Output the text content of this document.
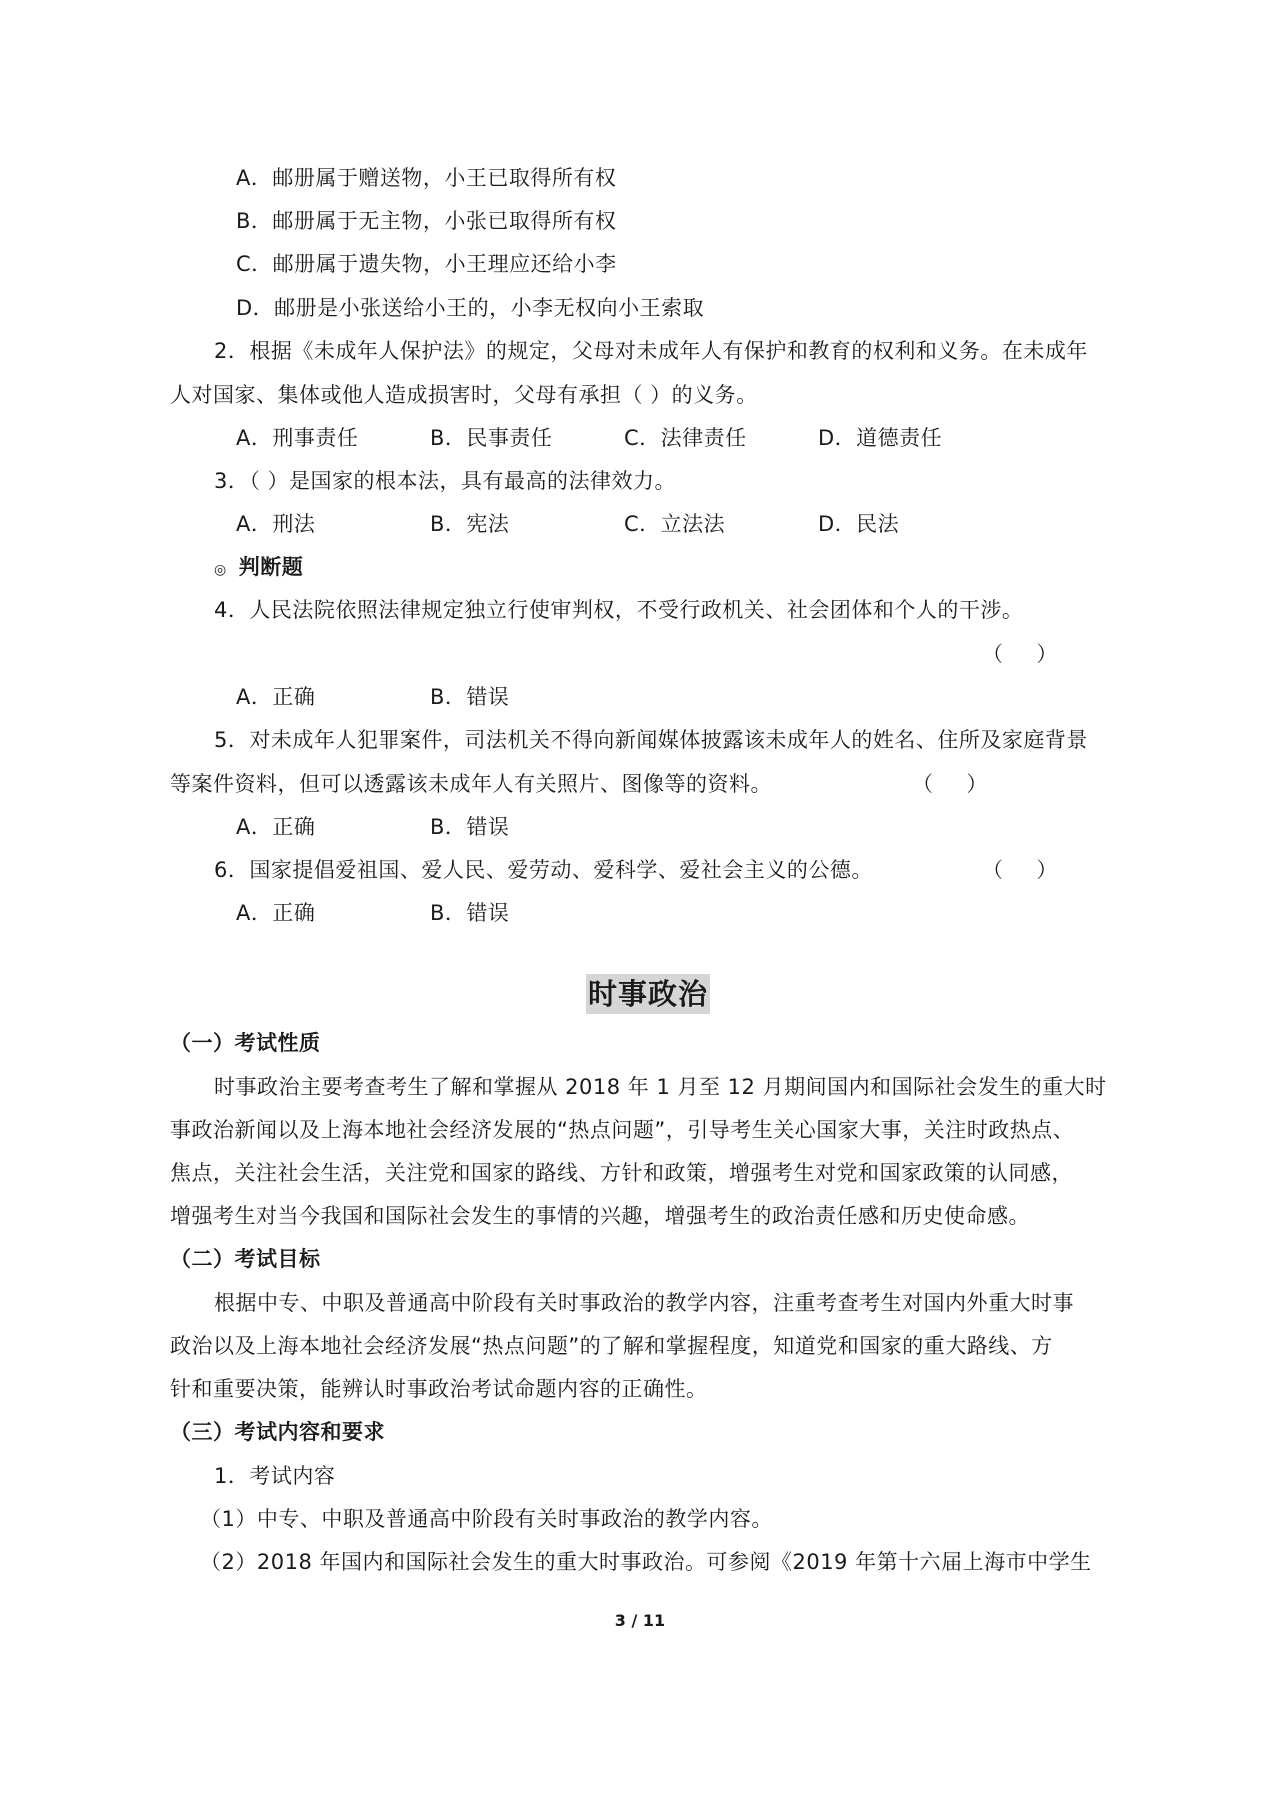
A．邮册属于赠送物，小王已取得所有权
B．邮册属于无主物，小张已取得所有权
C．邮册属于遗失物，小王理应还给小李
D．邮册是小张送给小王的，小李无权向小王索取
2．根据《未成年人保护法》的规定，父母对未成年人有保护和教育的权利和义务。在未成年
人对国家、集体或他人造成损害时，父母有承担（ ）的义务。
A．刑事责任	B．民事责任	C．法律责任	D．道德责任
3．（ ）是国家的根本法，具有最高的法律效力。
A．刑法	B．宪法	C．立法法	D．民法
◎ 判断题
4．人民法院依照法律规定独立行使审判权，不受行政机关、社会团体和个人的干涉。
（     ）
A．正确	B．错误
5．对未成年人犯罪案件，司法机关不得向新闻媒体披露该未成年人的姓名、住所及家庭背景
等案件资料，但可以透露该未成年人有关照片、图像等的资料。	（     ）
A．正确	B．错误
6．国家提倡爱祖国、爱人民、爱劳动、爱科学、爱社会主义的公德。	（     ）
A．正确	B．错误
时事政治
（一）考试性质
时事政治主要考查考生了解和掌握从 2018 年 1 月至 12 月期间国内和国际社会发生的重大时
事政治新闻以及上海本地社会经济发展的“热点问题”，引导考生关心国家大事，关注时政热点、
焦点，关注社会生活，关注党和国家的路线、方针和政策，增强考生对党和国家政策的认同感，
增强考生对当今我国和国际社会发生的事情的兴趣，增强考生的政治责任感和历史使命感。
（二）考试目标
根据中专、中职及普通高中阶段有关时事政治的教学内容，注重考查考生对国内外重大时事
政治以及上海本地社会经济发展“热点问题”的了解和掌握程度，知道党和国家的重大路线、方
针和重要决策，能辨认时事政治考试命题内容的正确性。
（三）考试内容和要求
1．考试内容
（1）中专、中职及普通高中阶段有关时事政治的教学内容。
（2）2018 年国内和国际社会发生的重大时事政治。可参阅《2019 年第十六届上海市中学生
3 / 11
